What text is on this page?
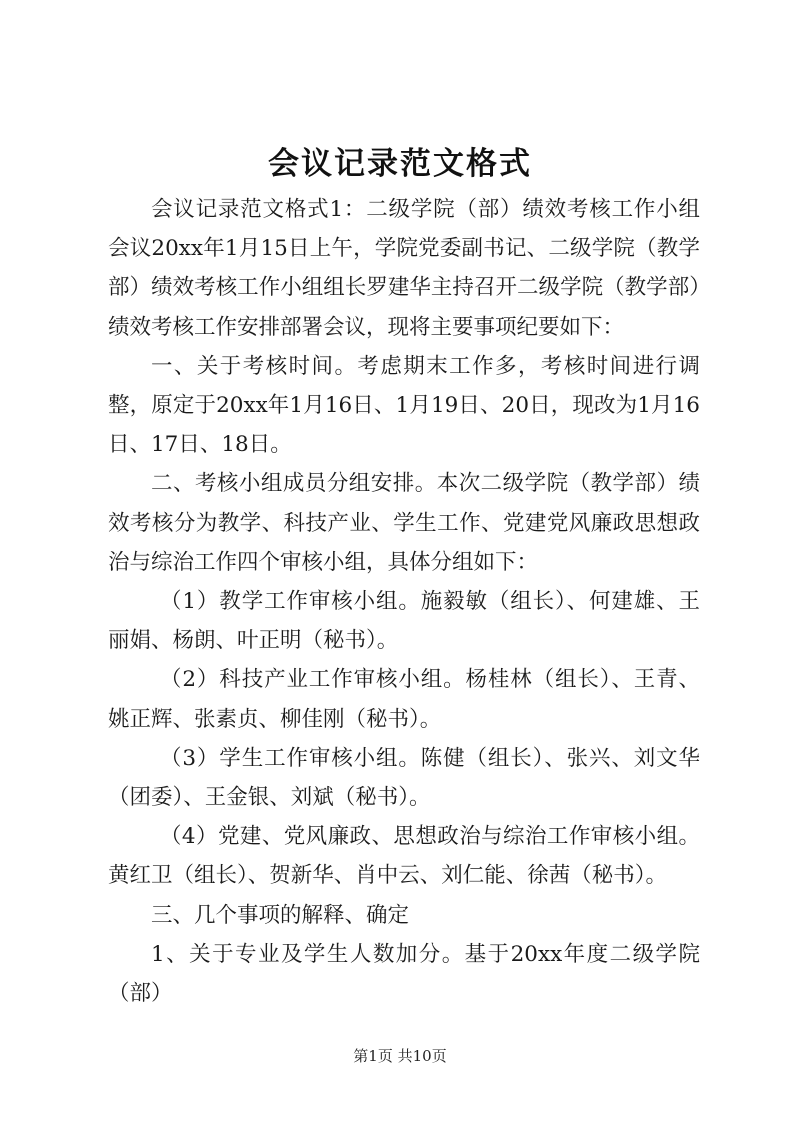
会议记录范文格式

会议记录范文格式1：二级学院（部）绩效考核工作小组会议20xx年1月15日上午，学院党委副书记、二级学院（教学部）绩效考核工作小组组长罗建华主持召开二级学院（教学部）绩效考核工作安排部署会议，现将主要事项纪要如下：

一、关于考核时间。考虑期末工作多，考核时间进行调整，原定于20xx年1月16日、1月19日、20日，现改为1月16日、17日、18日。

二、考核小组成员分组安排。本次二级学院（教学部）绩效考核分为教学、科技产业、学生工作、党建党风廉政思想政治与综治工作四个审核小组，具体分组如下：

（1）教学工作审核小组。施毅敏（组长）、何建雄、王丽娟、杨朗、叶正明（秘书）。

（2）科技产业工作审核小组。杨桂林（组长）、王青、姚正辉、张素贞、柳佳刚（秘书）。

（3）学生工作审核小组。陈健（组长）、张兴、刘文华（团委）、王金银、刘斌（秘书）。

（4）党建、党风廉政、思想政治与综治工作审核小组。黄红卫（组长）、贺新华、肖中云、刘仁能、徐茜（秘书）。

三、几个事项的解释、确定

1、关于专业及学生人数加分。基于20xx年度二级学院（部）

第1页 共10页
